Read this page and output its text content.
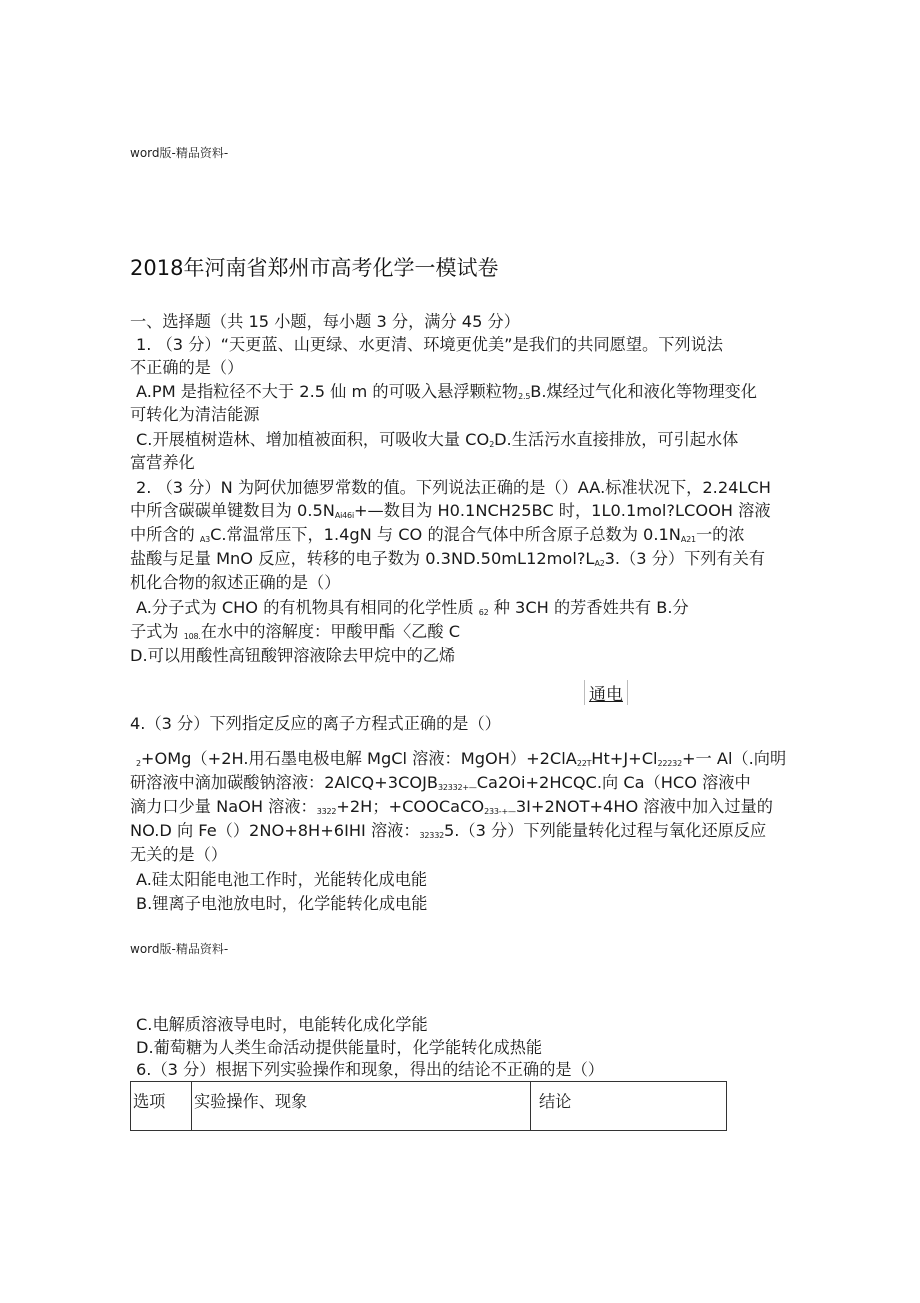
word版-精品资料-
2018年河南省郑州市高考化学一模试卷
一、选择题（共 15 小题，每小题 3 分，满分 45 分）
1. （3 分）“天更蓝、山更绿、水更清、环境更优美”是我们的共同愿望。下列说法
不正确的是（）
A.PM 是指粒径不大于 2.5 仙 m 的可吸入悬浮颗粒物$_{2.5}$B.煤经过气化和液化等物理变化
可转化为清洁能源
C.开展植树造林、增加植被面积，可吸收大量 $CO_2D$.生活污水直接排放，可引起水体
富营养化
2. （3 分）N 为阿伏加德罗常数的值。下列说法正确的是（）AA.标准状况下，2.24LCH
中所含碳碳单键数目为 $0.5N_{Ai46i}+—$数目为 H0.1NCH25BC 时，1L0.1mol?LCOOH 溶液
中所含的 $_{A3}$C.常温常压下，1.4gN 与 CO 的混合气体中所含原子总数为 $0.1N_{A21}$一的浓
盐酸与足量 MnO 反应，转移的电子数为 $0.3ND.50mL12mol?L_{A2}3.(3$ 分）下列有关有
机化合物的叙述正确的是（）
A.分子式为 CHO 的有机物具有相同的化学性质 $_{62}$ 种 3CH 的芳香姓共有 B.分
子式为 $_{108.}$在水中的溶解度：甲酸甲酯〈乙酸 C
D.可以用酸性高钮酸钾溶液除去甲烷中的乙烯
通电
4.（3 分）下列指定反应的离子方程式正确的是（）
$_2$+OMg（+2H.用石墨电极电解 MgCl 溶液：$MgOH)+2ClA_{22T}Ht+J+Cl_{22232}+$一 Al（.向明
研溶液中滴加碳酸钠溶液：$2AlCQ+3COJB_{32332+—}Ca2Oi+2HCQC$.向 Ca（HCO 溶液中
滴力口少量 NaOH 溶液：$_{3322}$+2H；+COOCaCO$_{233-+—}$3I+2NOT+4HO 溶液中加入过量的
NO.D 向 Fe（）2NO+8H+6IHI 溶液：$_{32332}$5.（3 分）下列能量转化过程与氧化还原反应
无关的是（）
A.硅太阳能电池工作时，光能转化成电能
B.锂离子电池放电时，化学能转化成电能
word版-精品资料-
C.电解质溶液导电时，电能转化成化学能
D.葡萄糖为人类生命活动提供能量时，化学能转化成热能
6.（3 分）根据下列实验操作和现象，得出的结论不正确的是（）
选项	实验操作、现象	结论
